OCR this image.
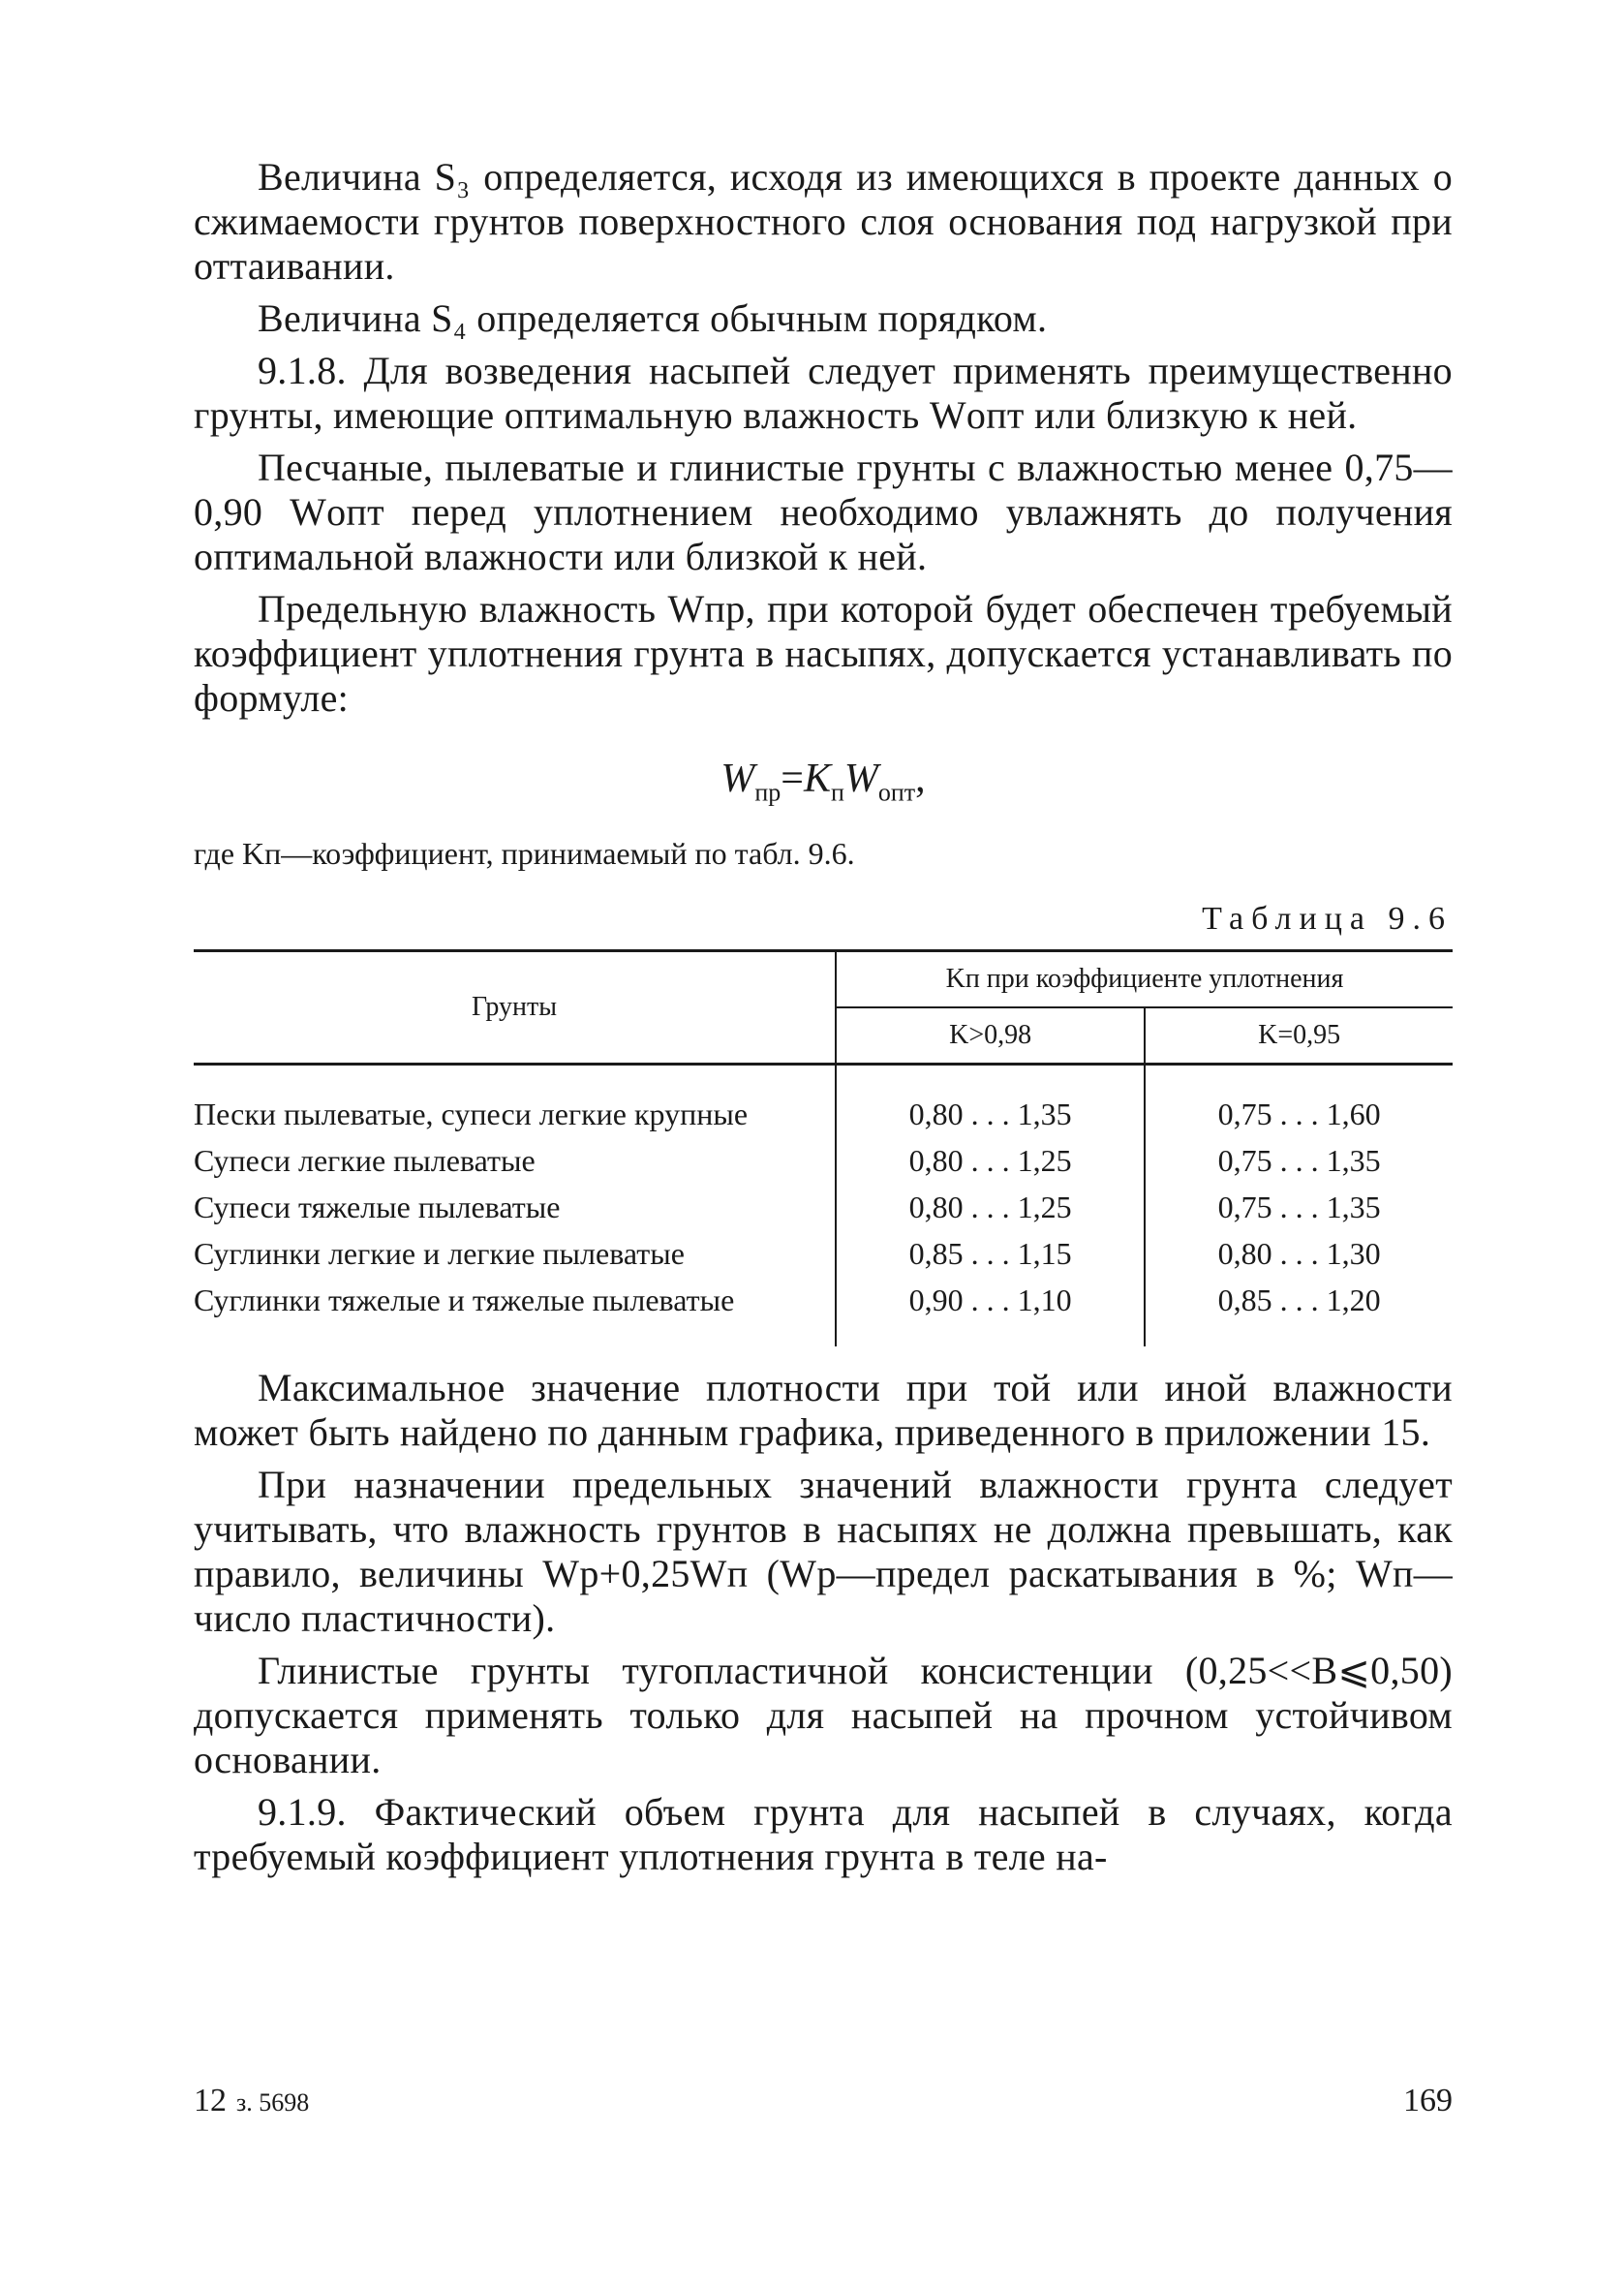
Величина S₃ определяется, исходя из имеющихся в проекте данных о сжимаемости грунтов поверхностного слоя основания под нагрузкой при оттаивании.

Величина S₄ определяется обычным порядком.

9.1.8. Для возведения насыпей следует применять преимущественно грунты, имеющие оптимальную влажность Wопт или близкую к ней.

Песчаные, пылеватые и глинистые грунты с влажностью менее 0,75—0,90 Wопт перед уплотнением необходимо увлажнять до получения оптимальной влажности или близкой к ней.

Предельную влажность Wпр, при которой будет обеспечен требуемый коэффициент уплотнения грунта в насыпях, допускается устанавливать по формуле:

$W_{пр}=K_пW_{опт}$,

где Kп—коэффициент, принимаемый по табл. 9.6.

Таблица 9.6

Грунты	Kп при коэффициенте уплотнения	
	K>0,98	K=0,95
Пески пылеватые, супеси легкие крупные	0,80 . . . 1,35	0,75 . . . 1,60
Супеси легкие пылеватые	0,80 . . . 1,25	0,75 . . . 1,35
Супеси тяжелые пылеватые	0,80 . . . 1,25	0,75 . . . 1,35
Суглинки легкие и легкие пылеватые	0,85 . . . 1,15	0,80 . . . 1,30
Суглинки тяжелые и тяжелые пылеватые	0,90 . . . 1,10	0,85 . . . 1,20

Максимальное значение плотности при той или иной влажности может быть найдено по данным графика, приведенного в приложении 15.

При назначении предельных значений влажности грунта следует учитывать, что влажность грунтов в насыпях не должна превышать, как правило, величины Wр+0,25Wп (Wр—предел раскатывания в %; Wп—число пластичности).

Глинистые грунты тугопластичной консистенции (0,25<<B⩽0,50) допускается применять только для насыпей на прочном устойчивом основании.

9.1.9. Фактический объем грунта для насыпей в случаях, когда требуемый коэффициент уплотнения грунта в теле на-

12 з. 5698	169
